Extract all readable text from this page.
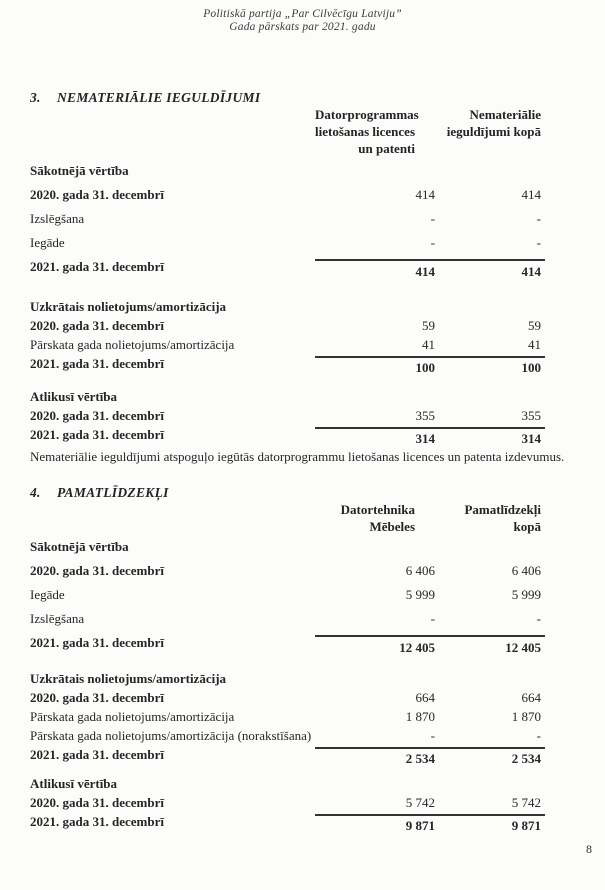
Politiskā partija „Par Cilvēcīgu Latviju”
Gada pārskats par 2021. gadu
3.	NEMATERIĀLIE IEGULDĪJUMI
Datorprogrammas
lietošanas licences
un patenti
Nemateriālie
ieguldījumi kopā
Sākotnējā vērtība
2020. gada 31. decembrī	414	414
Izslēgšana	-	-
Iegāde	-	-
2021. gada 31. decembrī	414	414
Uzkrātais nolietojums/amortizācija
2020. gada 31. decembrī	59	59
Pārskata gada nolietojums/amortizācija	41	41
2021. gada 31. decembrī	100	100
Atlikusī vērtība
2020. gada 31. decembrī	355	355
2021. gada 31. decembrī	314	314
Nemateriālie ieguldījumi atspoguļo iegūtās datorprogrammu lietošanas licences un patenta izdevumus.
4.	PAMATLĪDZEKĻI
Datortehnika
Mēbeles
Pamatlīdzekļi
kopā
Sākotnējā vērtība
2020. gada 31. decembrī	6 406	6 406
Iegāde	5 999	5 999
Izslēgšana	-	-
2021. gada 31. decembrī	12 405	12 405
Uzkrātais nolietojums/amortizācija
2020. gada 31. decembrī	664	664
Pārskata gada nolietojums/amortizācija	1 870	1 870
Pārskata gada nolietojums/amortizācija (norakstīšana)	-	-
2021. gada 31. decembrī	2 534	2 534
Atlikusī vērtība
2020. gada 31. decembrī	5 742	5 742
2021. gada 31. decembrī	9 871	9 871
8
